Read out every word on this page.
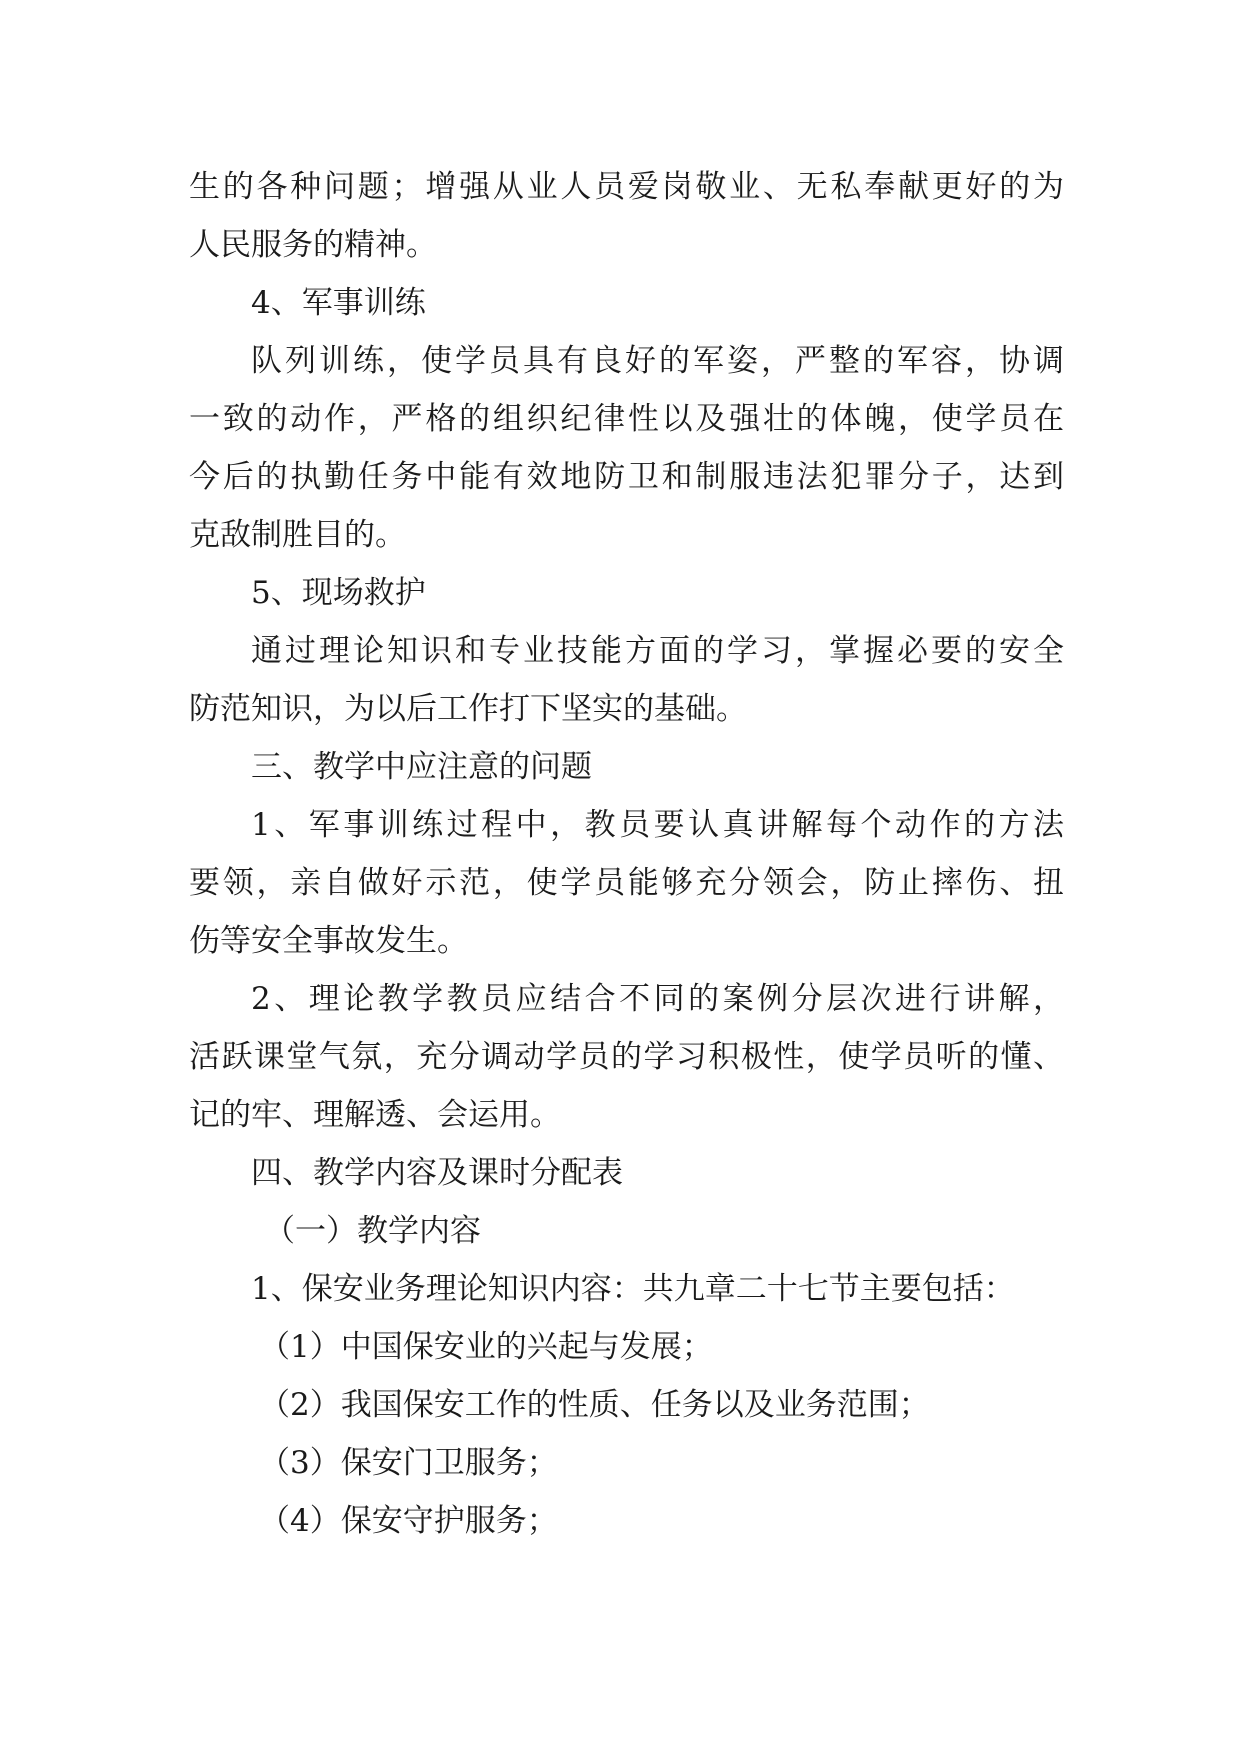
生的各种问题；增强从业人员爱岗敬业、无私奉献更好的为
人民服务的精神。
4、军事训练
队列训练，使学员具有良好的军姿，严整的军容，协调
一致的动作，严格的组织纪律性以及强壮的体魄，使学员在
今后的执勤任务中能有效地防卫和制服违法犯罪分子，达到
克敌制胜目的。
5、现场救护
通过理论知识和专业技能方面的学习，掌握必要的安全
防范知识，为以后工作打下坚实的基础。
三、教学中应注意的问题
1、军事训练过程中，教员要认真讲解每个动作的方法
要领，亲自做好示范，使学员能够充分领会，防止摔伤、扭
伤等安全事故发生。
2、理论教学教员应结合不同的案例分层次进行讲解，
活跃课堂气氛，充分调动学员的学习积极性，使学员听的懂、
记的牢、理解透、会运用。
四、教学内容及课时分配表
（一）教学内容
1、保安业务理论知识内容：共九章二十七节主要包括：
（1）中国保安业的兴起与发展；
（2）我国保安工作的性质、任务以及业务范围；
（3）保安门卫服务；
（4）保安守护服务；
